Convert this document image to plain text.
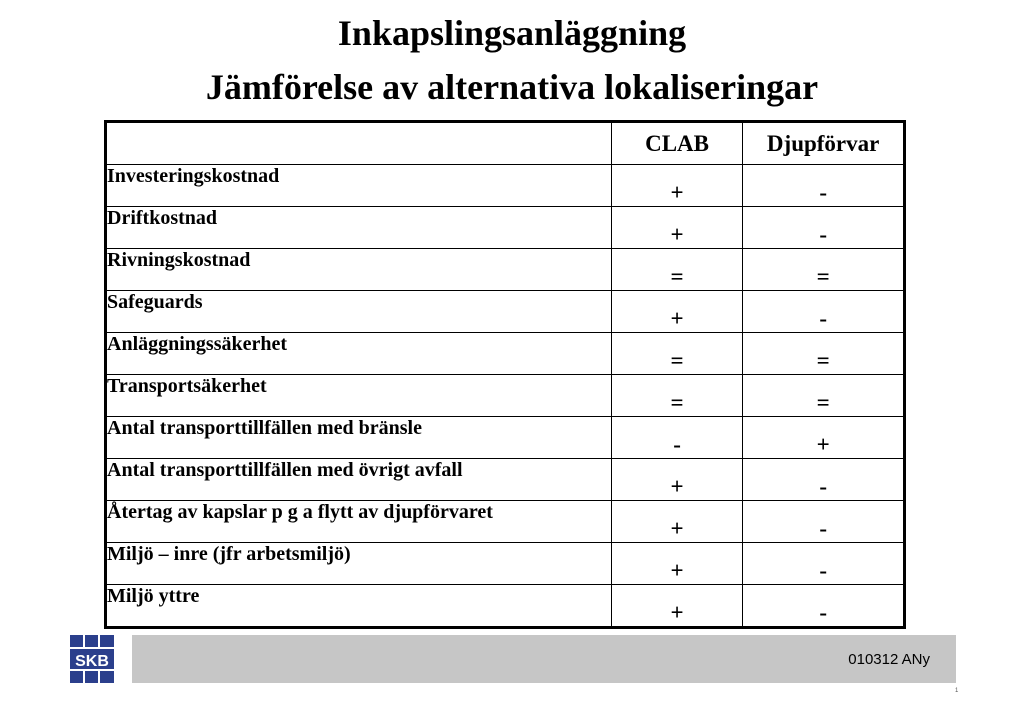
Inkapslingsanläggning
Jämförelse av alternativa lokaliseringar
	CLAB	Djupförvar
Investeringskostnad	+	-
Driftkostnad	+	-
Rivningskostnad	=	=
Safeguards	+	-
Anläggningssäkerhet	=	=
Transportsäkerhet	=	=
Antal transporttillfällen med bränsle	-	+
Antal transporttillfällen med övrigt avfall	+	-
Återtag av kapslar p g a flytt av djupförvaret	+	-
Miljö – inre (jfr arbetsmiljö)	+	-
Miljö yttre	+	-
SKB	010312 ANy
1
